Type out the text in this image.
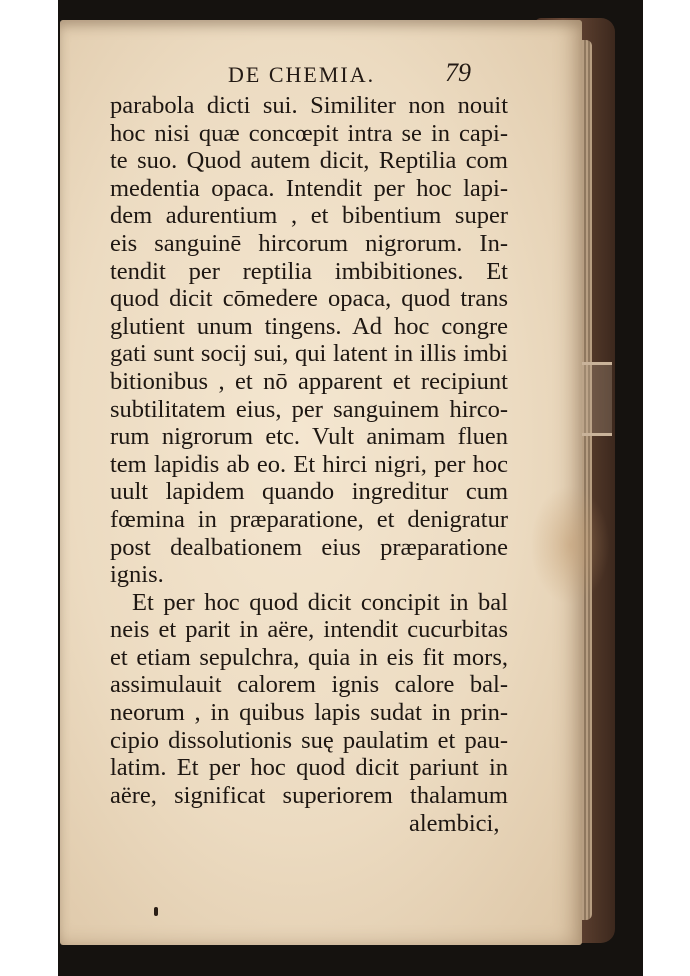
DE CHEMIA.	79
parabola dicti sui. Similiter non nouit
hoc nisi quæ concœpit intra se in capi-
te suo. Quod autem dicit, Reptilia com
medentia opaca. Intendit per hoc lapi-
dem adurentium , et bibentium super
eis sanguinē hircorum nigrorum. In-
tendit per reptilia imbibitiones. Et
quod dicit cōmedere opaca, quod trans
glutient unum tingens. Ad hoc congre
gati sunt socij sui, qui latent in illis imbi
bitionibus , et nō apparent et recipiunt
subtilitatem eius, per sanguinem hirco-
rum nigrorum etc. Vult animam fluen
tem lapidis ab eo. Et hirci nigri, per hoc
uult lapidem quando ingreditur cum
fœmina in præparatione, et denigratur
post dealbationem eius præparatione
ignis.
Et per hoc quod dicit concipit in bal
neis et parit in aëre, intendit cucurbitas
et etiam sepulchra, quia in eis fit mors,
assimulauit calorem ignis calore bal-
neorum , in quibus lapis sudat in prin-
cipio dissolutionis suę paulatim et pau-
latim. Et per hoc quod dicit pariunt in
aëre, significat superiorem thalamum
alembici,
